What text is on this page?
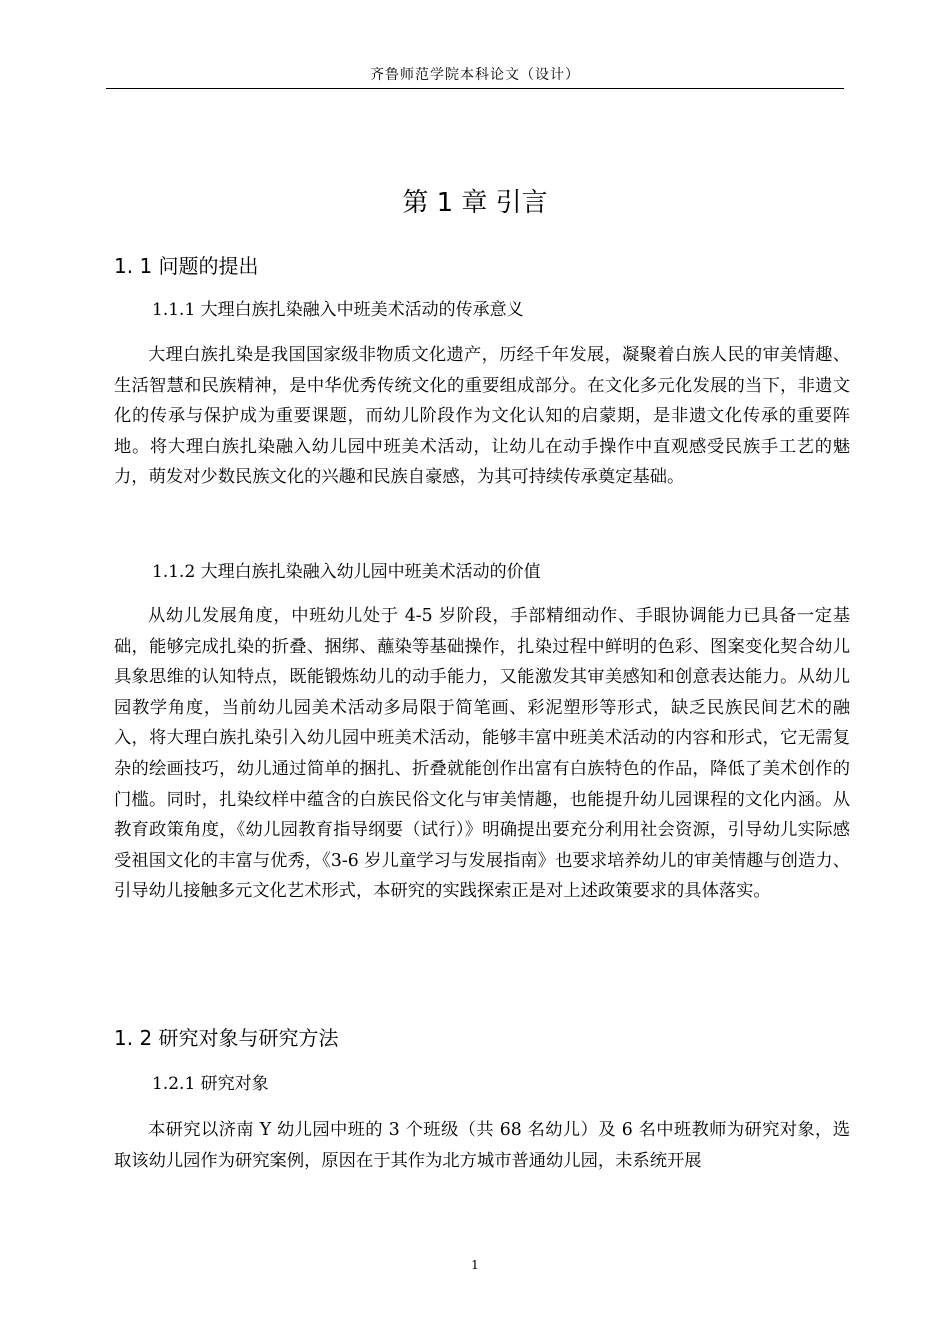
齐鲁师范学院本科论文（设计）
第 1 章 引言
1. 1 问题的提出
1.1.1 大理白族扎染融入中班美术活动的传承意义

大理白族扎染是我国国家级非物质文化遗产，历经千年发展，凝聚着白族人民的审美情趣、生活智慧和民族精神，是中华优秀传统文化的重要组成部分。在文化多元化发展的当下，非遗文化的传承与保护成为重要课题，而幼儿阶段作为文化认知的启蒙期，是非遗文化传承的重要阵地。将大理白族扎染融入幼儿园中班美术活动，让幼儿在动手操作中直观感受民族手工艺的魅力，萌发对少数民族文化的兴趣和民族自豪感，为其可持续传承奠定基础。

1.1.2 大理白族扎染融入幼儿园中班美术活动的价值

从幼儿发展角度，中班幼儿处于 4-5 岁阶段，手部精细动作、手眼协调能力已具备一定基础，能够完成扎染的折叠、捆绑、蘸染等基础操作，扎染过程中鲜明的色彩、图案变化契合幼儿具象思维的认知特点，既能锻炼幼儿的动手能力，又能激发其审美感知和创意表达能力。从幼儿园教学角度，当前幼儿园美术活动多局限于简笔画、彩泥塑形等形式，缺乏民族民间艺术的融入，将大理白族扎染引入幼儿园中班美术活动，能够丰富中班美术活动的内容和形式，它无需复杂的绘画技巧，幼儿通过简单的捆扎、折叠就能创作出富有白族特色的作品，降低了美术创作的门槛。同时，扎染纹样中蕴含的白族民俗文化与审美情趣，也能提升幼儿园课程的文化内涵。从教育政策角度，《幼儿园教育指导纲要（试行）》明确提出要充分利用社会资源，引导幼儿实际感受祖国文化的丰富与优秀，《3-6 岁儿童学习与发展指南》也要求培养幼儿的审美情趣与创造力、引导幼儿接触多元文化艺术形式，本研究的实践探索正是对上述政策要求的具体落实。

1. 2 研究对象与研究方法
1.2.1 研究对象

本研究以济南 Y 幼儿园中班的 3 个班级（共 68 名幼儿）及 6 名中班教师为研究对象，选取该幼儿园作为研究案例，原因在于其作为北方城市普通幼儿园，未系统开展

1
